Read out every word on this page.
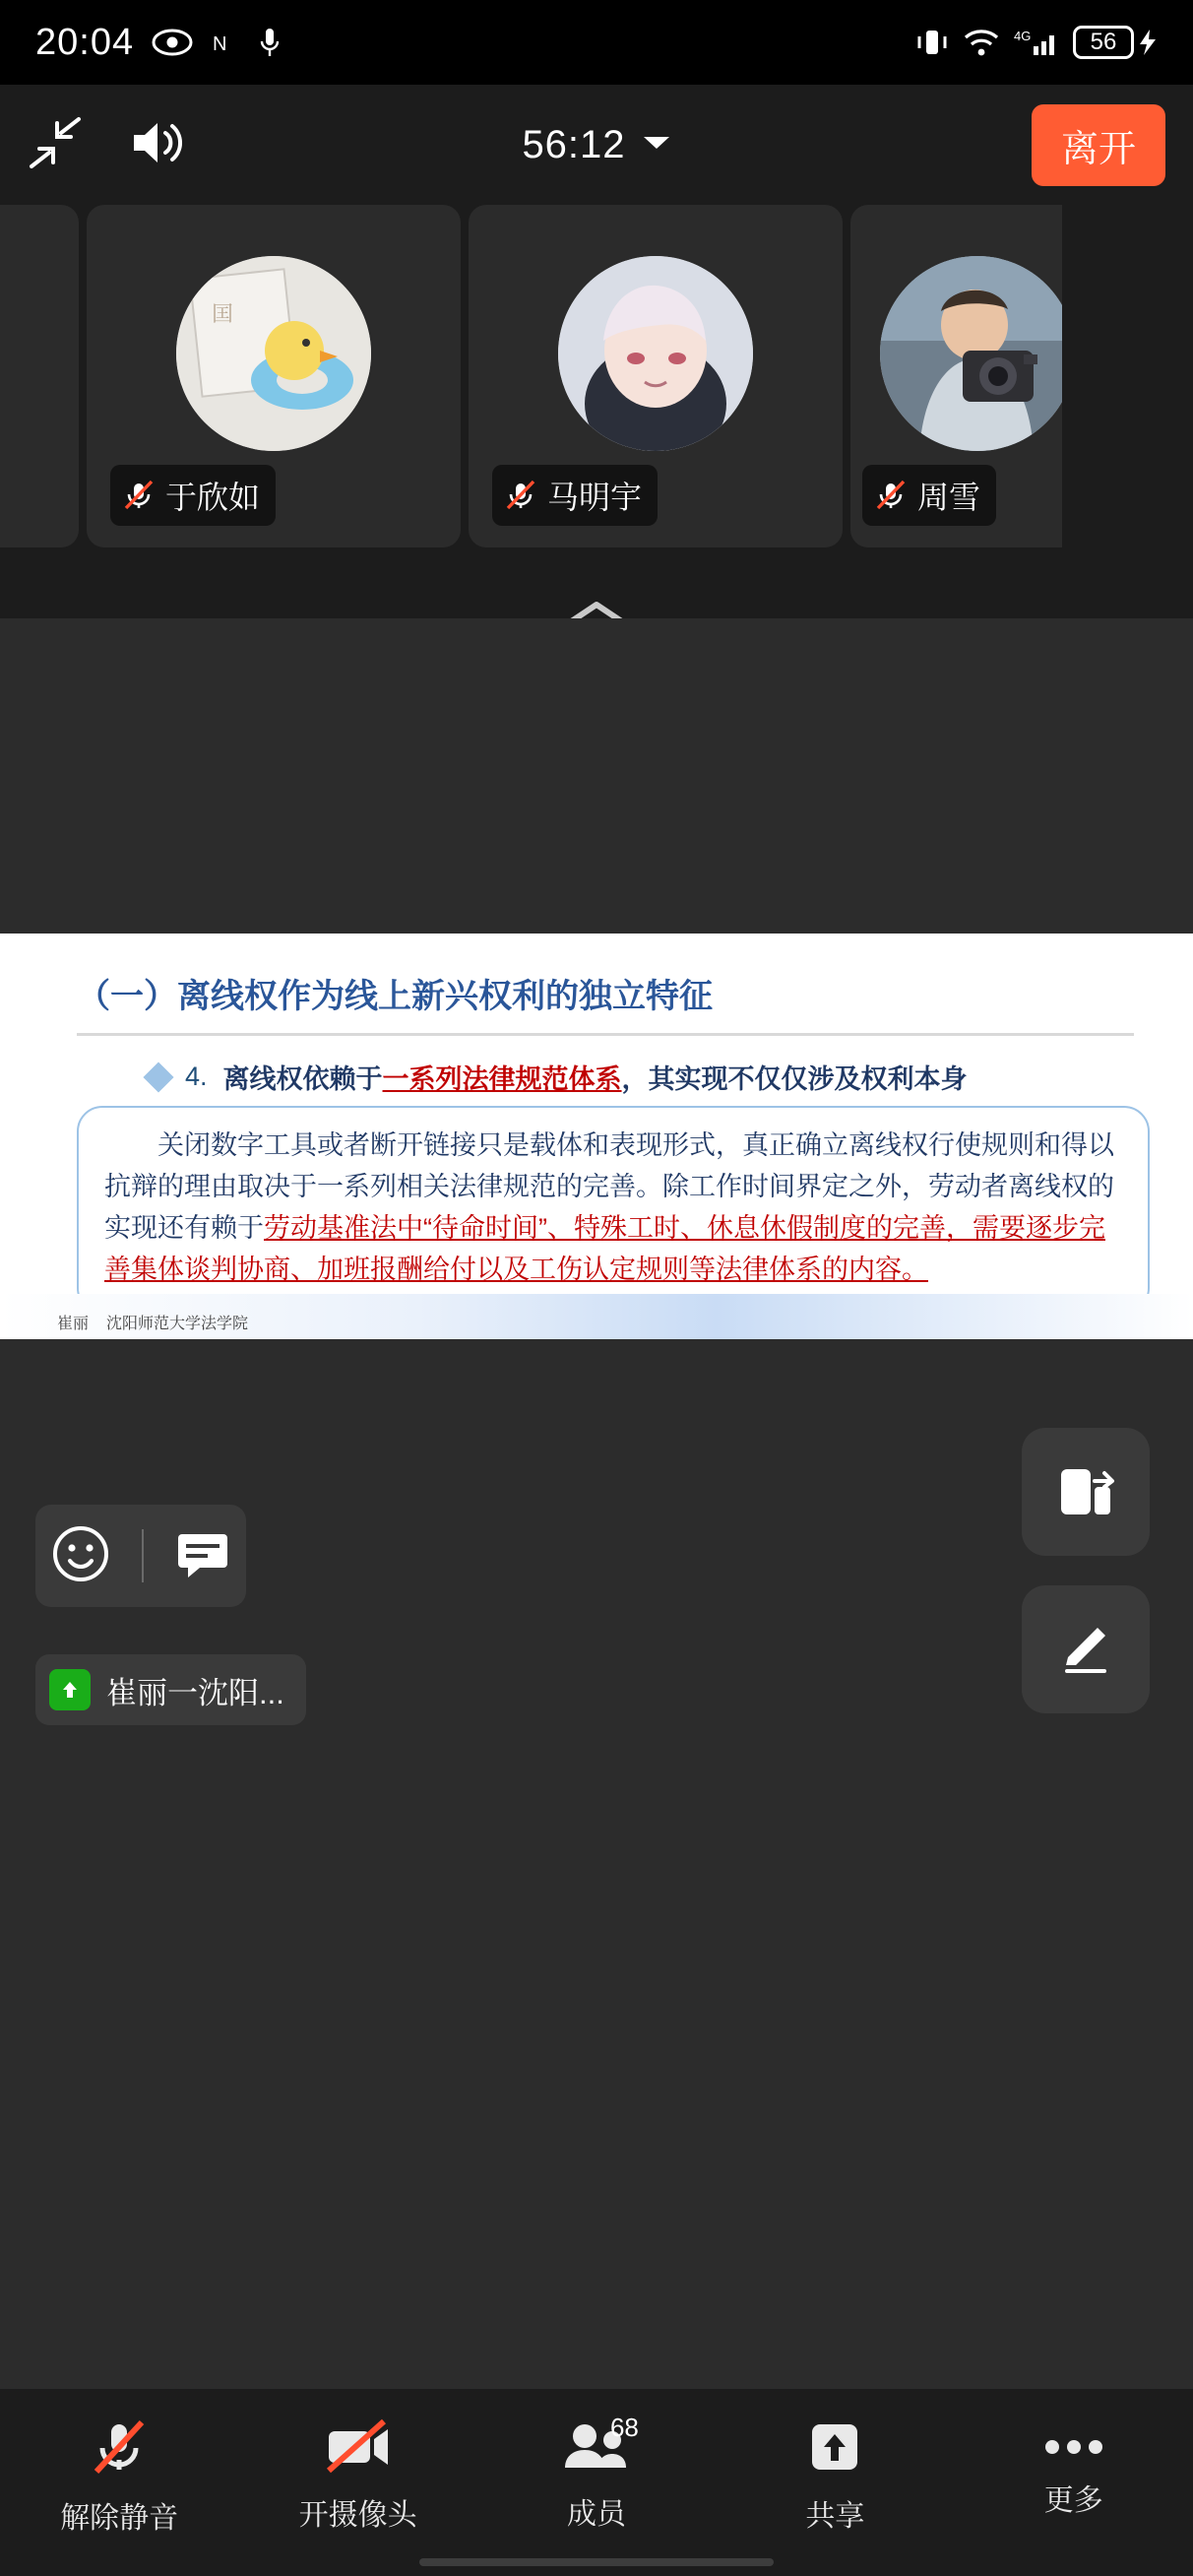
20:04	N	4G	56
56:12	离开
囯
于欣如	马明宇	周雪
（一）离线权作为线上新兴权利的独立特征
4. 离线权依赖于一系列法律规范体系，其实现不仅仅涉及权利本身
关闭数字工具或者断开链接只是载体和表现形式，真正确立离线权行使规则和得以抗辩的理由取决于一系列相关法律规范的完善。除工作时间界定之外，劳动者离线权的实现还有赖于劳动基准法中“待命时间”、特殊工时、休息休假制度的完善，需要逐步完善集体谈判协商、加班报酬给付以及工伤认定规则等法律体系的内容。
崔丽 沈阳师范大学法学院
崔丽一沈阳...
解除静音	开摄像头
68
成员	共享	更多
